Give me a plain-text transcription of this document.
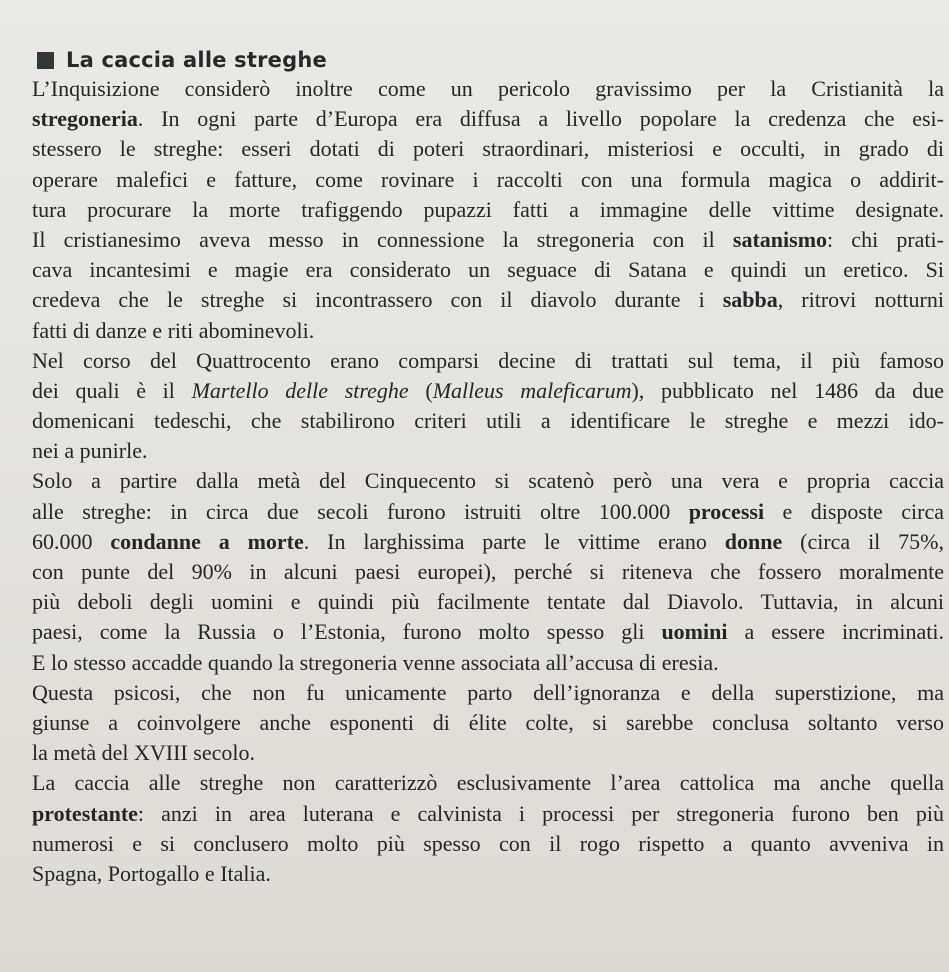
La caccia alle streghe
L’Inquisizione considerò inoltre come un pericolo gravissimo per la Cristianità la
stregoneria. In ogni parte d’Europa era diffusa a livello popolare la credenza che esi-
stessero le streghe: esseri dotati di poteri straordinari, misteriosi e occulti, in grado di
operare malefici e fatture, come rovinare i raccolti con una formula magica o addirit-
tura procurare la morte trafiggendo pupazzi fatti a immagine delle vittime designate.
Il cristianesimo aveva messo in connessione la stregoneria con il satanismo: chi prati-
cava incantesimi e magie era considerato un seguace di Satana e quindi un eretico. Si
credeva che le streghe si incontrassero con il diavolo durante i sabba, ritrovi notturni
fatti di danze e riti abominevoli.
Nel corso del Quattrocento erano comparsi decine di trattati sul tema, il più famoso
dei quali è il Martello delle streghe (Malleus maleficarum), pubblicato nel 1486 da due
domenicani tedeschi, che stabilirono criteri utili a identificare le streghe e mezzi ido-
nei a punirle.
Solo a partire dalla metà del Cinquecento si scatenò però una vera e propria caccia
alle streghe: in circa due secoli furono istruiti oltre 100.000 processi e disposte circa
60.000 condanne a morte. In larghissima parte le vittime erano donne (circa il 75%,
con punte del 90% in alcuni paesi europei), perché si riteneva che fossero moralmente
più deboli degli uomini e quindi più facilmente tentate dal Diavolo. Tuttavia, in alcuni
paesi, come la Russia o l’Estonia, furono molto spesso gli uomini a essere incriminati.
E lo stesso accadde quando la stregoneria venne associata all’accusa di eresia.
Questa psicosi, che non fu unicamente parto dell’ignoranza e della superstizione, ma
giunse a coinvolgere anche esponenti di élite colte, si sarebbe conclusa soltanto verso
la metà del XVIII secolo.
La caccia alle streghe non caratterizzò esclusivamente l’area cattolica ma anche quella
protestante: anzi in area luterana e calvinista i processi per stregoneria furono ben più
numerosi e si conclusero molto più spesso con il rogo rispetto a quanto avveniva in
Spagna, Portogallo e Italia.
